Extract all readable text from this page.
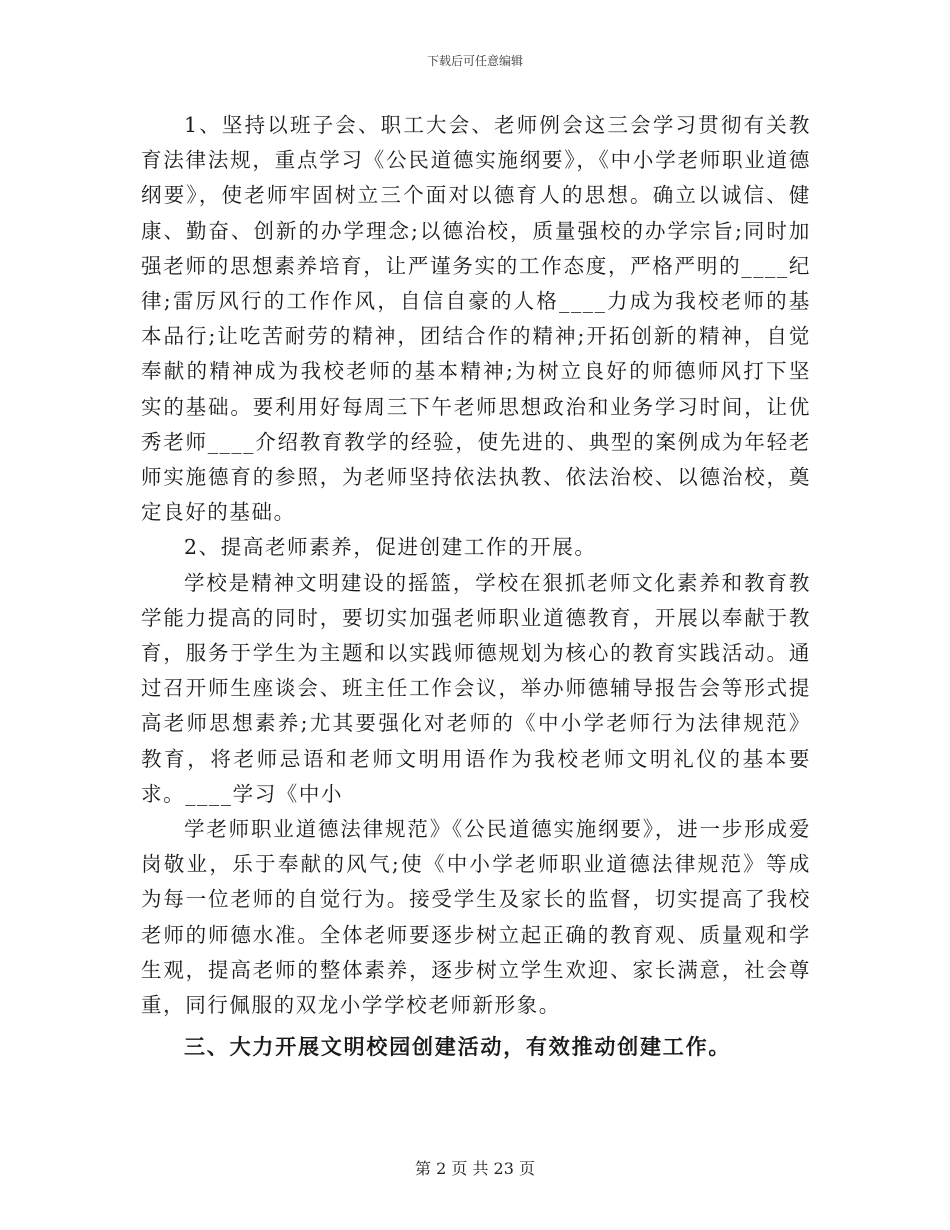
下载后可任意编辑

1、坚持以班子会、职工大会、老师例会这三会学习贯彻有关教育法律法规，重点学习《公民道德实施纲要》，《中小学老师职业道德纲要》，使老师牢固树立三个面对以德育人的思想。确立以诚信、健康、勤奋、创新的办学理念;以德治校，质量强校的办学宗旨;同时加强老师的思想素养培育，让严谨务实的工作态度，严格严明的____纪律;雷厉风行的工作作风，自信自豪的人格____力成为我校老师的基本品行;让吃苦耐劳的精神，团结合作的精神;开拓创新的精神，自觉奉献的精神成为我校老师的基本精神;为树立良好的师德师风打下坚实的基础。要利用好每周三下午老师思想政治和业务学习时间，让优秀老师____介绍教育教学的经验，使先进的、典型的案例成为年轻老师实施德育的参照，为老师坚持依法执教、依法治校、以德治校，奠定良好的基础。

2、提高老师素养，促进创建工作的开展。

学校是精神文明建设的摇篮，学校在狠抓老师文化素养和教育教学能力提高的同时，要切实加强老师职业道德教育，开展以奉献于教育，服务于学生为主题和以实践师德规划为核心的教育实践活动。通过召开师生座谈会、班主任工作会议，举办师德辅导报告会等形式提高老师思想素养;尤其要强化对老师的《中小学老师行为法律规范》教育，将老师忌语和老师文明用语作为我校老师文明礼仪的基本要求。____学习《中小

学老师职业道德法律规范》《公民道德实施纲要》，进一步形成爱岗敬业，乐于奉献的风气;使《中小学老师职业道德法律规范》等成为每一位老师的自觉行为。接受学生及家长的监督，切实提高了我校老师的师德水准。全体老师要逐步树立起正确的教育观、质量观和学生观，提高老师的整体素养，逐步树立学生欢迎、家长满意，社会尊重，同行佩服的双龙小学学校老师新形象。

三、大力开展文明校园创建活动，有效推动创建工作。

第 2 页 共 23 页
